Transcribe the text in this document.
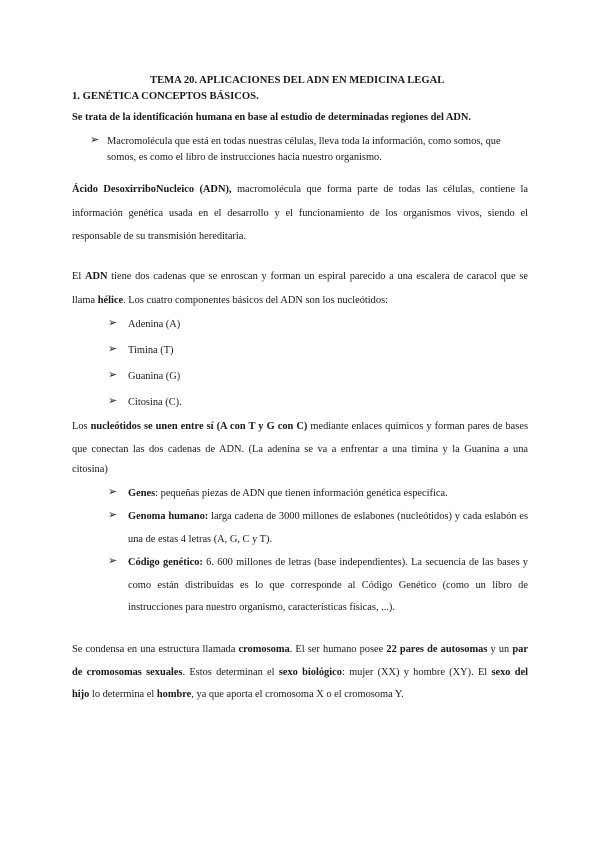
TEMA 20. APLICACIONES DEL ADN EN MEDICINA LEGAL
1. GENÉTICA CONCEPTOS BÁSICOS.
Se trata de la identificación humana en base al estudio de determinadas regiones del ADN.
➢ Macromolécula que está en todas nuestras células, lleva toda la información, como somos, que
somos, es como el libro de instrucciones hacia nuestro organismo.
Ácido DesoxirriboNucleico (ADN), macromolécula que forma parte de todas las células, contiene la
información genética usada en el desarrollo y el funcionamiento de los organismos vivos, siendo el
responsable de su transmisión hereditaria.
El ADN tiene dos cadenas que se enroscan y forman un espiral parecido a una escalera de caracol que se
llama hélice. Los cuatro componentes básicos del ADN son los nucleótidos:
➢ Adenina (A)
➢ Timina (T)
➢ Guanina (G)
➢ Citosina (C).
Los nucleótidos se unen entre sí (A con T y G con C) mediante enlaces químicos y forman pares de bases
que conectan las dos cadenas de ADN. (La adenina se va a enfrentar a una timina y la Guanina a una
citosina)
➢ Genes: pequeñas piezas de ADN que tienen información genética específica.
➢ Genoma humano: larga cadena de 3000 millones de eslabones (nucleótidos) y cada eslabón es
una de estas 4 letras (A, G, C y T).
➢ Código genético: 6. 600 millones de letras (base independientes). La secuencia de las bases y
como están distribuidas es lo que corresponde al Código Genético (como un libro de
instrucciones para nuestro organismo, características físicas, ...).
Se condensa en una estructura llamada cromosoma. El ser humano posee 22 pares de autosomas y un par
de cromosomas sexuales. Estos determinan el sexo biológico: mujer (XX) y hombre (XY). El sexo del
hijo lo determina el hombre, ya que aporta el cromosoma X o el cromosoma Y.
